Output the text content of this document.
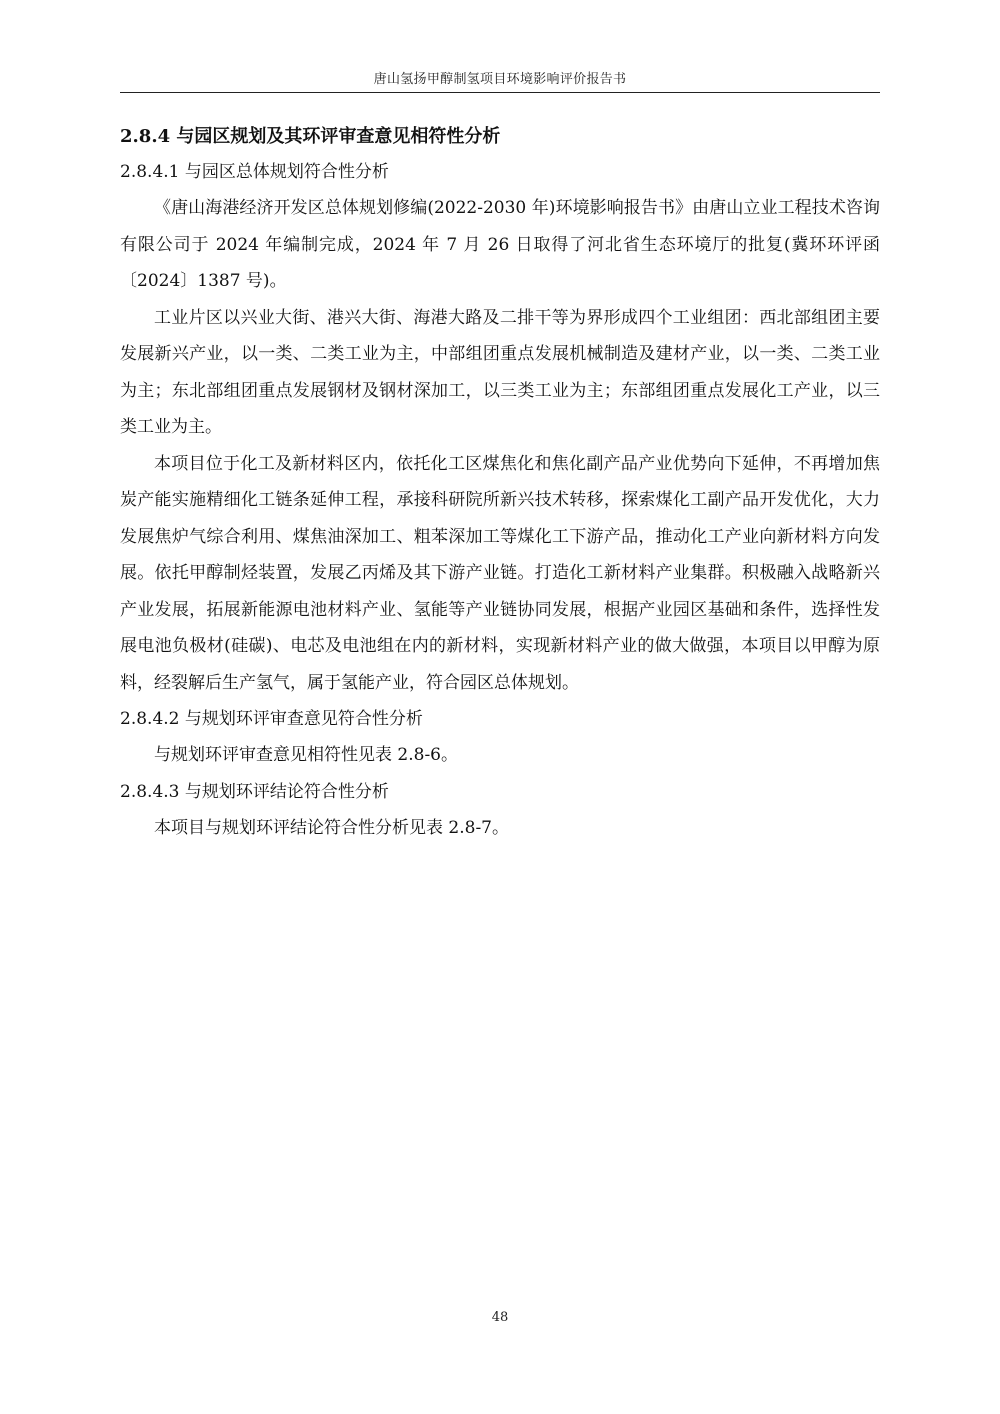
唐山氢扬甲醇制氢项目环境影响评价报告书
2.8.4 与园区规划及其环评审查意见相符性分析
2.8.4.1 与园区总体规划符合性分析

《唐山海港经济开发区总体规划修编(2022-2030 年)环境影响报告书》由唐山立业工程技术咨询有限公司于 2024 年编制完成，2024 年 7 月 26 日取得了河北省生态环境厅的批复(冀环环评函〔2024〕1387 号)。

工业片区以兴业大街、港兴大街、海港大路及二排干等为界形成四个工业组团：西北部组团主要发展新兴产业，以一类、二类工业为主，中部组团重点发展机械制造及建材产业，以一类、二类工业为主；东北部组团重点发展钢材及钢材深加工，以三类工业为主；东部组团重点发展化工产业，以三类工业为主。

本项目位于化工及新材料区内，依托化工区煤焦化和焦化副产品产业优势向下延伸，不再增加焦炭产能实施精细化工链条延伸工程，承接科研院所新兴技术转移，探索煤化工副产品开发优化，大力发展焦炉气综合利用、煤焦油深加工、粗苯深加工等煤化工下游产品，推动化工产业向新材料方向发展。依托甲醇制烃装置，发展乙丙烯及其下游产业链。打造化工新材料产业集群。积极融入战略新兴产业发展，拓展新能源电池材料产业、氢能等产业链协同发展，根据产业园区基础和条件，选择性发展电池负极材(硅碳)、电芯及电池组在内的新材料，实现新材料产业的做大做强，本项目以甲醇为原料，经裂解后生产氢气，属于氢能产业，符合园区总体规划。

2.8.4.2 与规划环评审查意见符合性分析

与规划环评审查意见相符性见表 2.8-6。

2.8.4.3 与规划环评结论符合性分析

本项目与规划环评结论符合性分析见表 2.8-7。

48
